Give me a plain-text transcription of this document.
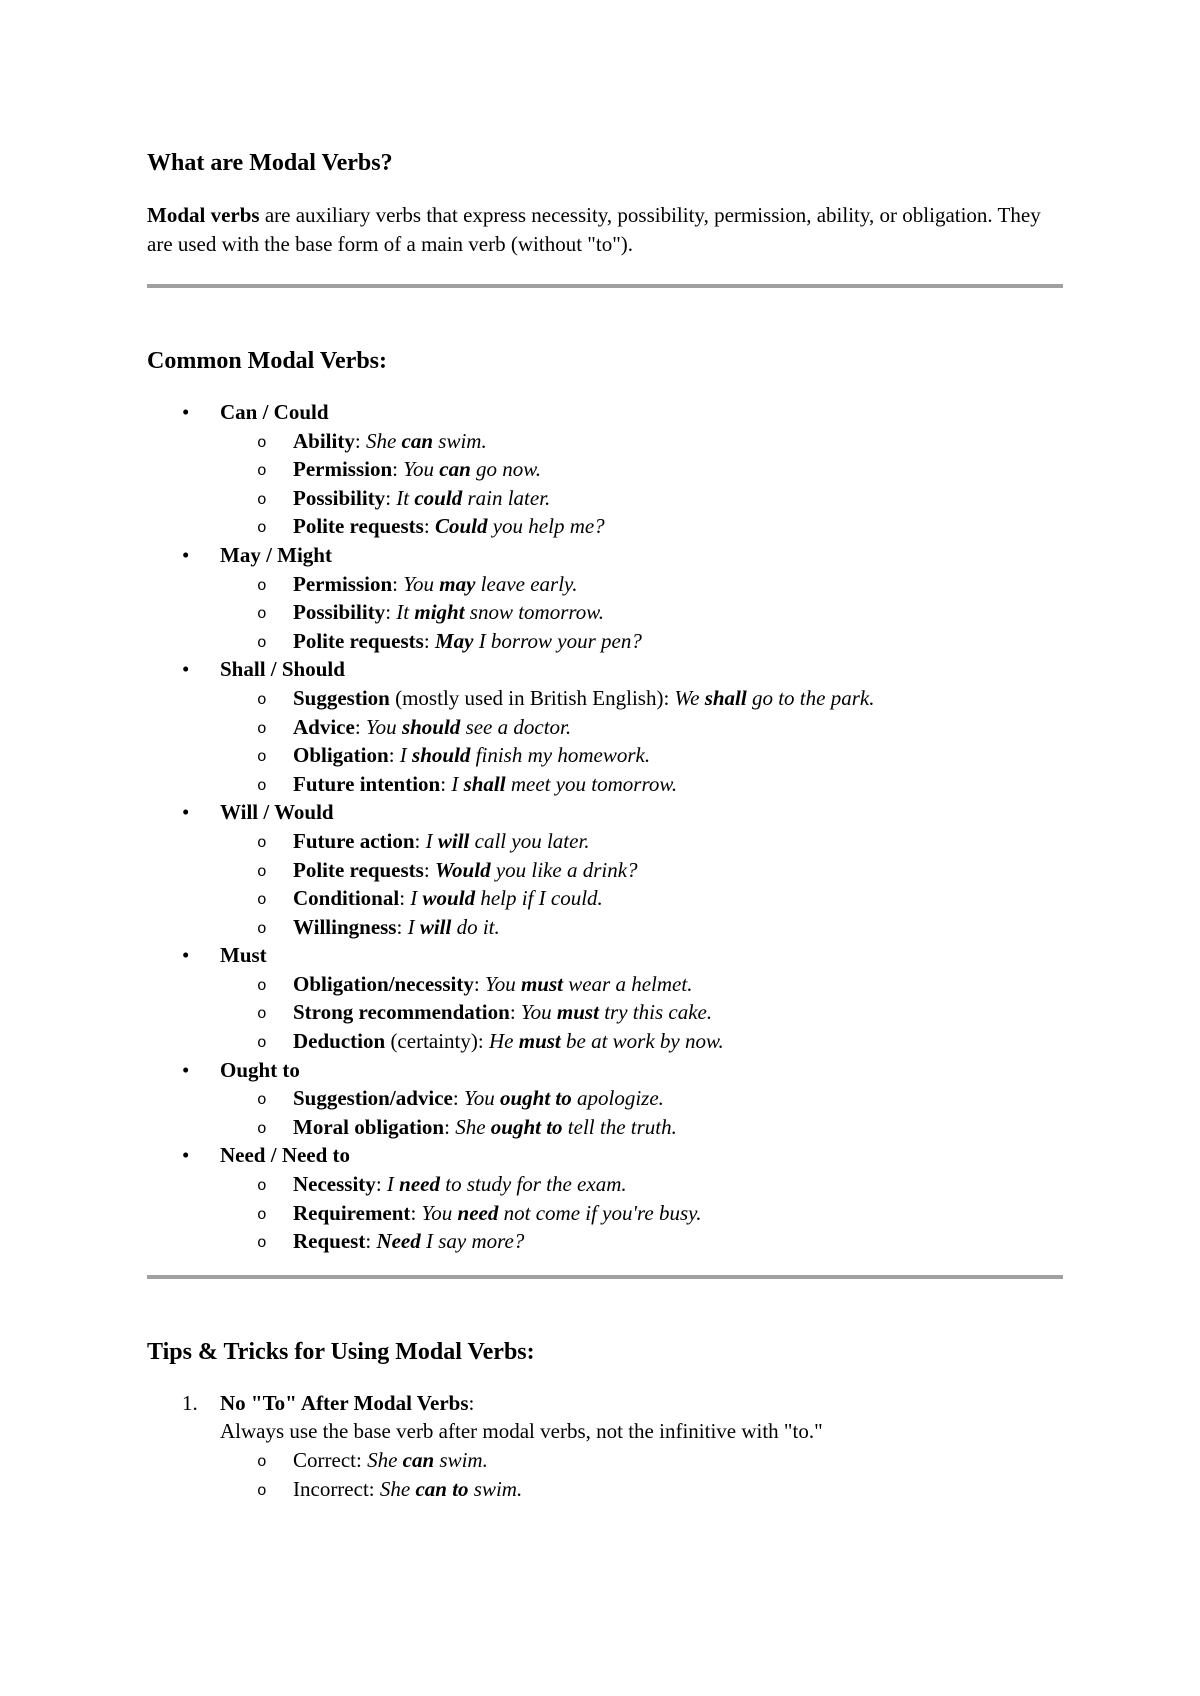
What are Modal Verbs?

Modal verbs are auxiliary verbs that express necessity, possibility, permission, ability, or obligation. They are used with the base form of a main verb (without "to").

Common Modal Verbs:
• Can / Could
o Ability: She can swim.
o Permission: You can go now.
o Possibility: It could rain later.
o Polite requests: Could you help me?
• May / Might
o Permission: You may leave early.
o Possibility: It might snow tomorrow.
o Polite requests: May I borrow your pen?
• Shall / Should
o Suggestion (mostly used in British English): We shall go to the park.
o Advice: You should see a doctor.
o Obligation: I should finish my homework.
o Future intention: I shall meet you tomorrow.
• Will / Would
o Future action: I will call you later.
o Polite requests: Would you like a drink?
o Conditional: I would help if I could.
o Willingness: I will do it.
• Must
o Obligation/necessity: You must wear a helmet.
o Strong recommendation: You must try this cake.
o Deduction (certainty): He must be at work by now.
• Ought to
o Suggestion/advice: You ought to apologize.
o Moral obligation: She ought to tell the truth.
• Need / Need to
o Necessity: I need to study for the exam.
o Requirement: You need not come if you're busy.
o Request: Need I say more?
Tips & Tricks for Using Modal Verbs:
1. No "To" After Modal Verbs:
Always use the base verb after modal verbs, not the infinitive with "to."
o Correct: She can swim.
o Incorrect: She can to swim.
